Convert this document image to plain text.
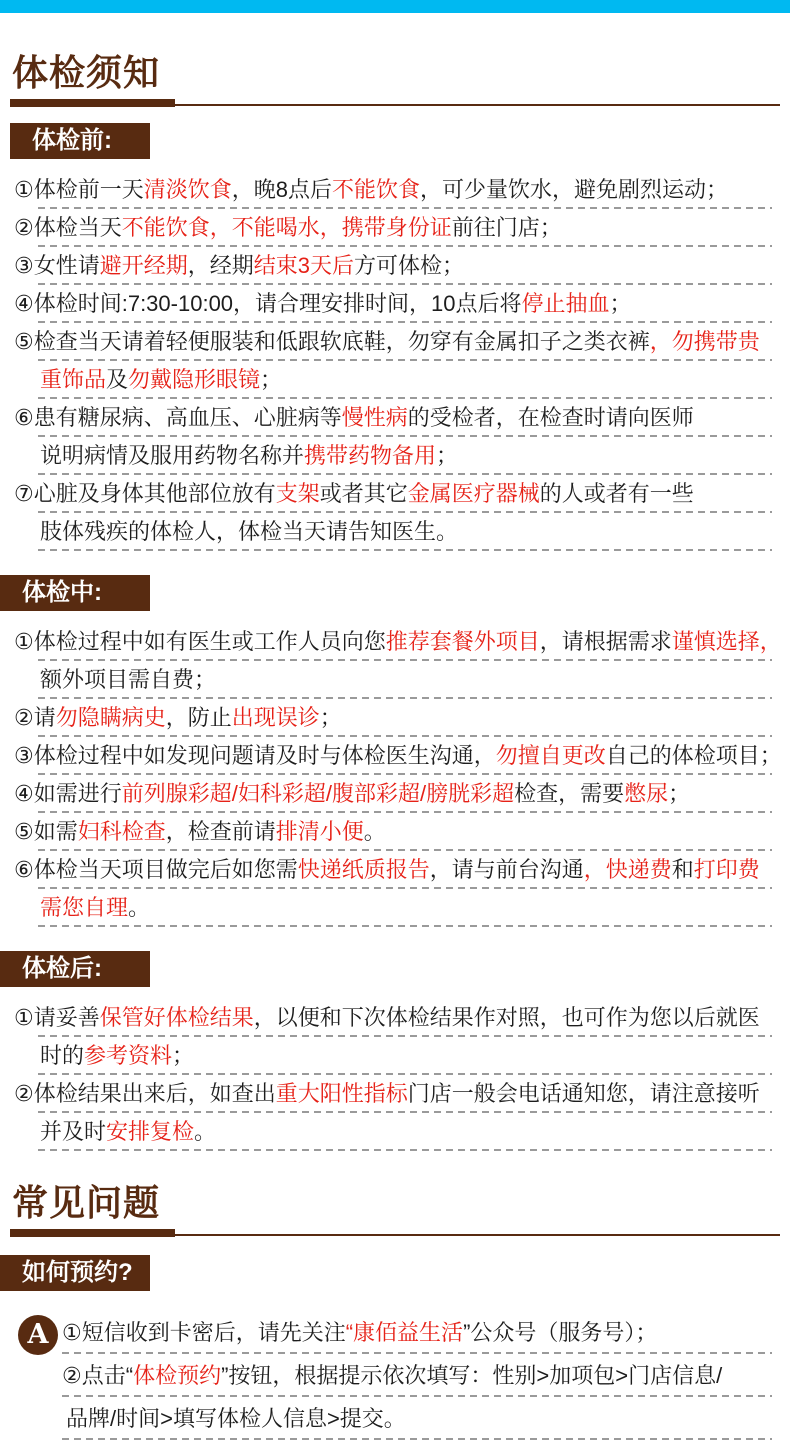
体检须知
体检前:
①体检前一天清淡饮食，晚8点后不能饮食，可少量饮水，避免剧烈运动；
②体检当天不能饮食，不能喝水，携带身份证前往门店；
③女性请避开经期，经期结束3天后方可体检；
④体检时间:7:30-10:00，请合理安排时间，10点后将停止抽血；
⑤检查当天请着轻便服装和低跟软底鞋，勿穿有金属扣子之类衣裤，勿携带贵
重饰品及勿戴隐形眼镜；
⑥患有糖尿病、高血压、心脏病等慢性病的受检者，在检查时请向医师
说明病情及服用药物名称并携带药物备用；
⑦心脏及身体其他部位放有支架或者其它金属医疗器械的人或者有一些
肢体残疾的体检人，体检当天请告知医生。
体检中:
①体检过程中如有医生或工作人员向您推荐套餐外项目，请根据需求谨慎选择，
额外项目需自费；
②请勿隐瞒病史，防止出现误诊；
③体检过程中如发现问题请及时与体检医生沟通，勿擅自更改自己的体检项目；
④如需进行前列腺彩超/妇科彩超/腹部彩超/膀胱彩超检查，需要憋尿；
⑤如需妇科检查，检查前请排清小便。
⑥体检当天项目做完后如您需快递纸质报告，请与前台沟通，快递费和打印费
需您自理。
体检后:
①请妥善保管好体检结果，以便和下次体检结果作对照，也可作为您以后就医
时的参考资料；
②体检结果出来后，如查出重大阳性指标门店一般会电话通知您，请注意接听
并及时安排复检。
常见问题
如何预约?
A ①短信收到卡密后，请先关注“康佰益生活”公众号（服务号）；
②点击“体检预约”按钮，根据提示依次填写：性别>加项包>门店信息/
品牌/时间>填写体检人信息>提交。
